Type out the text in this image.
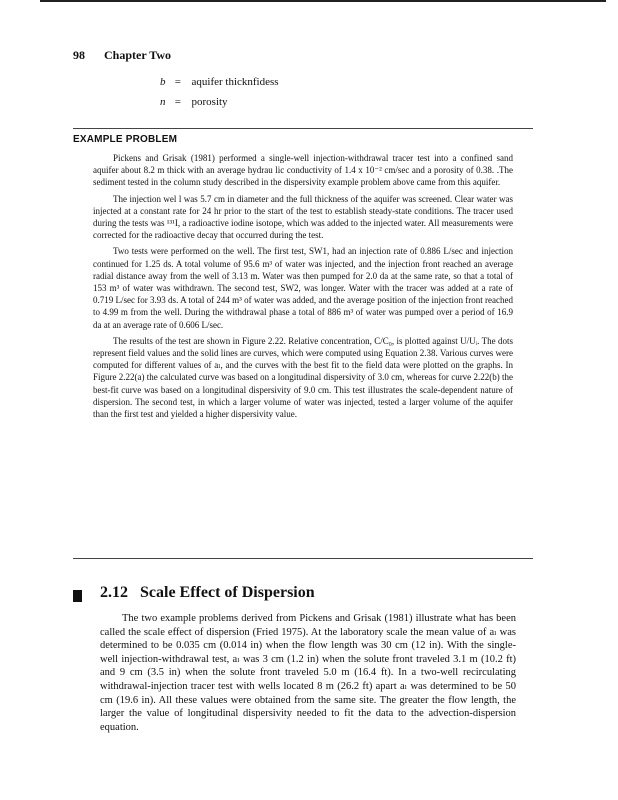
98 Chapter Two
b = aquifer thicknfidess
n = porosity
EXAMPLE PROBLEM

Pickens and Grisak (1981) performed a single-well injection-withdrawal tracer test into a confined sand aquifer about 8.2 m thick with an average hydrau lic conductivity of 1.4 x 10⁻² cm/sec and a porosity of 0.38. .The sediment tested in the column study described in the dispersivity example problem above came from this aquifer.

The injection wel l was 5.7 cm in diameter and the full thickness of the aquifer was screened. Clear water was injected at a constant rate for 24 hr prior to the start of the test to establish steady-state conditions. The tracer used during the tests was ¹³¹I, a radioactive iodine isotope, which was added to the injected water. All measurements were corrected for the radioactive decay that occurred during the test.

Two tests were performed on the well. The first test, SW1, had an injection rate of 0.886 L/sec and injection continued for 1.25 ds. A total volume of 95.6 m³ of water was injected, and the injection front reached an average radial distance away from the well of 3.13 m. Water was then pumped for 2.0 da at the same rate, so that a total of 153 m³ of water was withdrawn. The second test, SW2, was longer. Water with the tracer was added at a rate of 0.719 L/sec for 3.93 ds. A total of 244 m³ of water was added, and the average position of the injection front reached to 4.99 m from the well. During the withdrawal phase a total of 886 m³ of water was pumped over a period of 16.9 da at an average rate of 0.606 L/sec.

The results of the test are shown in Figure 2.22. Relative concentration, C/C₀, is plotted against U/Uᵢ. The dots represent field values and the solid lines are curves, which were computed using Equation 2.38. Various curves were computed for different values of aₗ, and the curves with the best fit to the field data were plotted on the graphs. In Figure 2.22(a) the calculated curve was based on a longitudinal dispersivity of 3.0 cm, whereas for curve 2.22(b) the best-fit curve was based on a longitudinal dispersivity of 9.0 cm. This test illustrates the scale-dependent nature of dispersion. The second test, in which a larger volume of water was injected, tested a larger volume of the aquifer than the first test and yielded a higher dispersivity value.

2.12 Scale Effect of Dispersion

The two example problems derived from Pickens and Grisak (1981) illustrate what has been called the scale effect of dispersion (Fried 1975). At the laboratory scale the mean value of aₗ was determined to be 0.035 cm (0.014 in) when the flow length was 30 cm (12 in). With the single-well injection-withdrawal test, aₗ was 3 cm (1.2 in) when the solute front traveled 3.1 m (10.2 ft) and 9 cm (3.5 in) when the solute front traveled 5.0 m (16.4 ft). In a two-well recirculating withdrawal-injection tracer test with wells located 8 m (26.2 ft) apart aₗ was determined to be 50 cm (19.6 in). All these values were obtained from the same site. The greater the flow length, the larger the value of longitudinal dispersivity needed to fit the data to the advection-dispersion equation.
